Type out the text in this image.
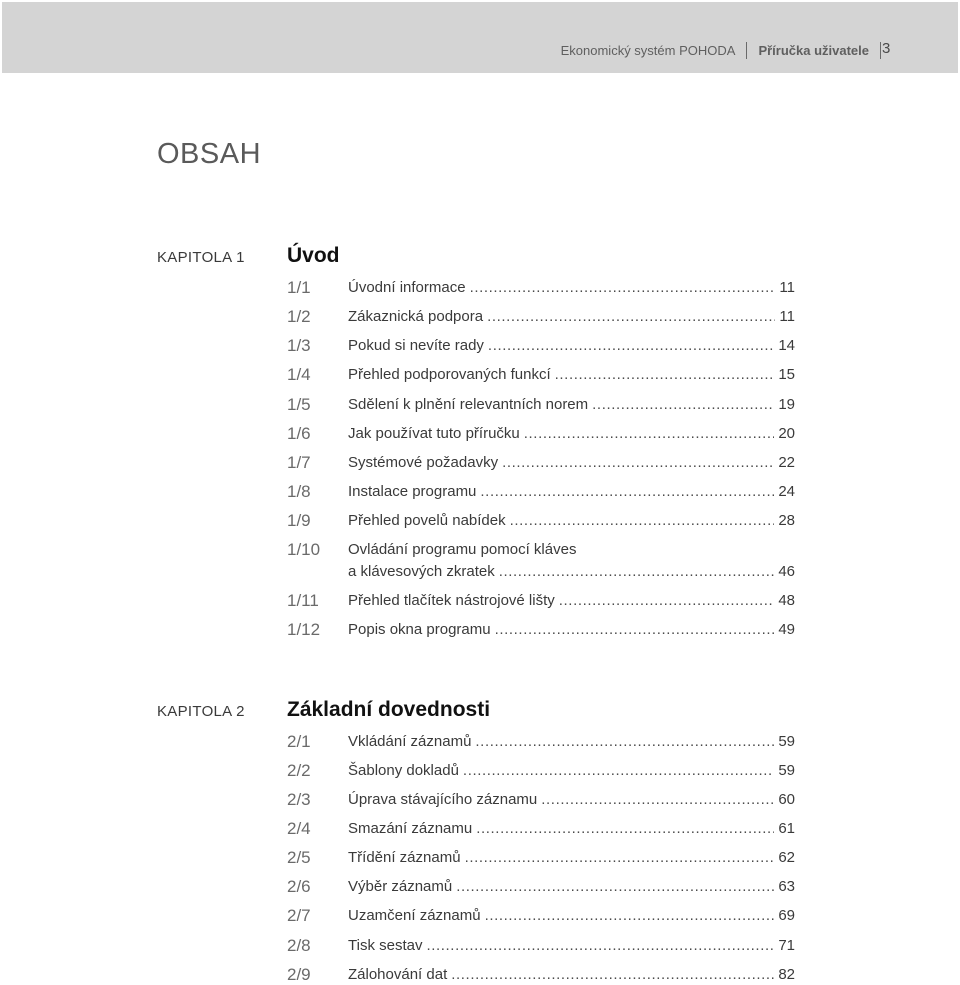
Ekonomický systém POHODA Příručka uživatele 3
OBSAH
KAPITOLA 1 Úvod
1/1 Úvodní informace .....	11
1/2 Zákaznická podpora .....	11
1/3 Pokud si nevíte rady .....	14
1/4 Přehled podporovaných funkcí .....	15
1/5 Sdělení k plnění relevantních norem .....	19
1/6 Jak používat tuto příručku .....	20
1/7 Systémové požadavky .....	22
1/8 Instalace programu .....	24
1/9 Přehled povelů nabídek .....	28
1/10 Ovládání programu pomocí kláves
a klávesových zkratek .....	46
1/11 Přehled tlačítek nástrojové lišty .....	48
1/12 Popis okna programu .....	49
KAPITOLA 2 Základní dovednosti
2/1 Vkládání záznamů .....	59
2/2 Šablony dokladů .....	59
2/3 Úprava stávajícího záznamu .....	60
2/4 Smazání záznamu .....	61
2/5 Třídění záznamů .....	62
2/6 Výběr záznamů .....	63
2/7 Uzamčení záznamů .....	69
2/8 Tisk sestav .....	71
2/9 Zálohování dat .....	82
